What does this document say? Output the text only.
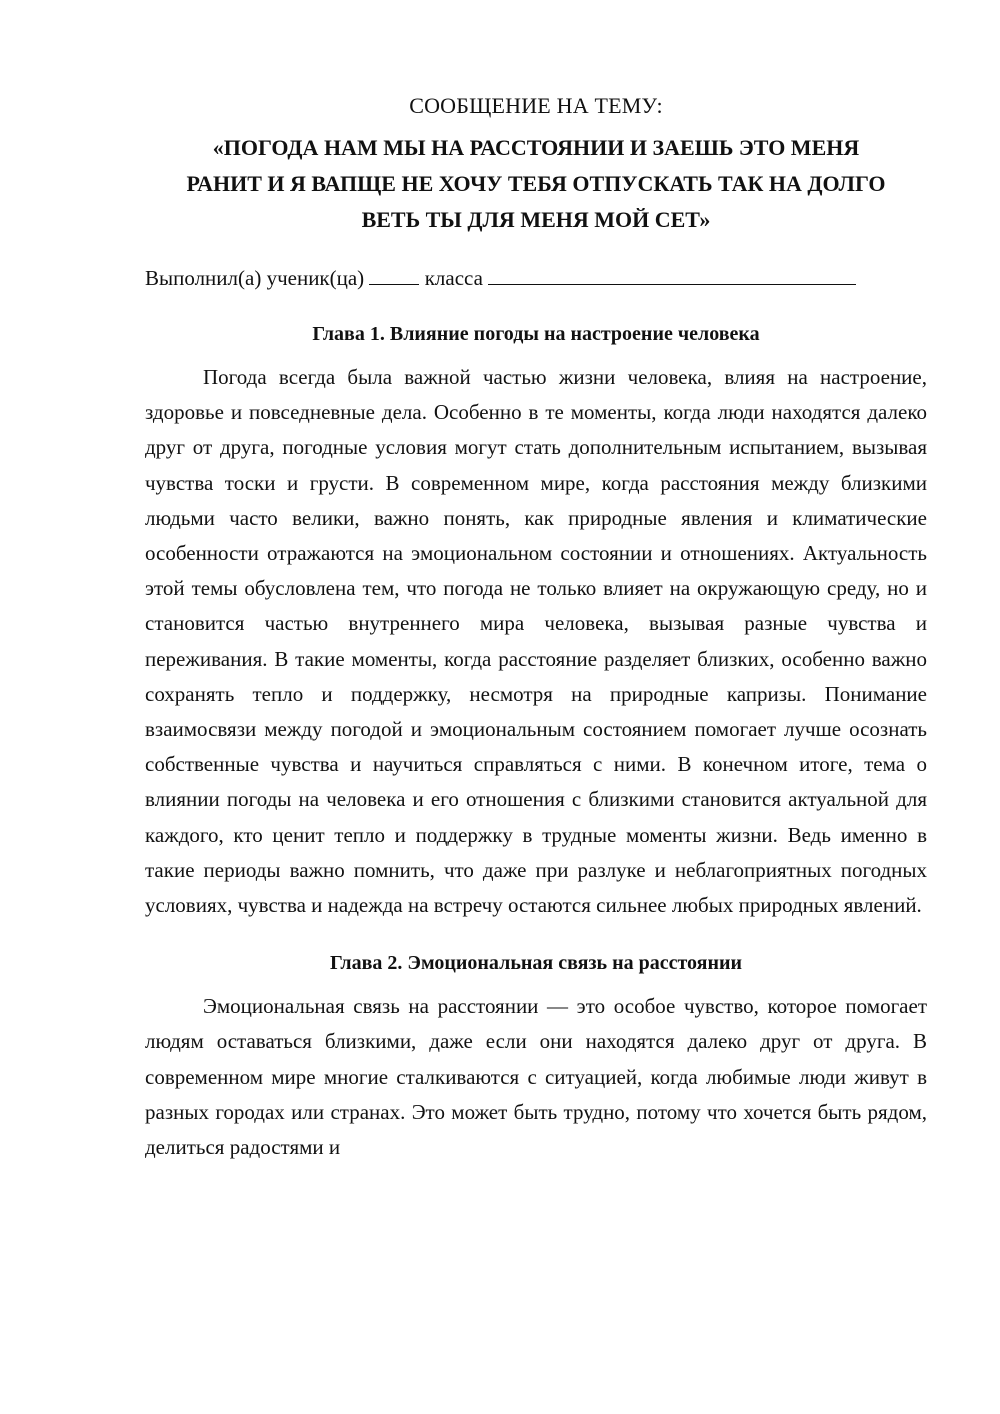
СООБЩЕНИЕ НА ТЕМУ:
«ПОГОДА НАМ МЫ НА РАССТОЯНИИ И ЗАЕШЬ ЭТО МЕНЯ
РАНИТ И Я ВАПЩЕ НЕ ХОЧУ ТЕБЯ ОТПУСКАТЬ ТАК НА ДОЛГО
ВЕТЬ ТЫ ДЛЯ МЕНЯ МОЙ СЕТ»
Выполнил(а) ученик(ца)	класса
Глава 1. Влияние погоды на настроение человека

Погода всегда была важной частью жизни человека, влияя на настроение, здоровье и повседневные дела. Особенно в те моменты, когда люди находятся далеко друг от друга, погодные условия могут стать дополнительным испытанием, вызывая чувства тоски и грусти. В современном мире, когда расстояния между близкими людьми часто велики, важно понять, как природные явления и климатические особенности отражаются на эмоциональном состоянии и отношениях. Актуальность этой темы обусловлена тем, что погода не только влияет на окружающую среду, но и становится частью внутреннего мира человека, вызывая разные чувства и переживания. В такие моменты, когда расстояние разделяет близких, особенно важно сохранять тепло и поддержку, несмотря на природные капризы. Понимание взаимосвязи между погодой и эмоциональным состоянием помогает лучше осознать собственные чувства и научиться справляться с ними. В конечном итоге, тема о влиянии погоды на человека и его отношения с близкими становится актуальной для каждого, кто ценит тепло и поддержку в трудные моменты жизни. Ведь именно в такие периоды важно помнить, что даже при разлуке и неблагоприятных погодных условиях, чувства и надежда на встречу остаются сильнее любых природных явлений.

Глава 2. Эмоциональная связь на расстоянии

Эмоциональная связь на расстоянии — это особое чувство, которое помогает людям оставаться близкими, даже если они находятся далеко друг от друга. В современном мире многие сталкиваются с ситуацией, когда любимые люди живут в разных городах или странах. Это может быть трудно, потому что хочется быть рядом, делиться радостями и
